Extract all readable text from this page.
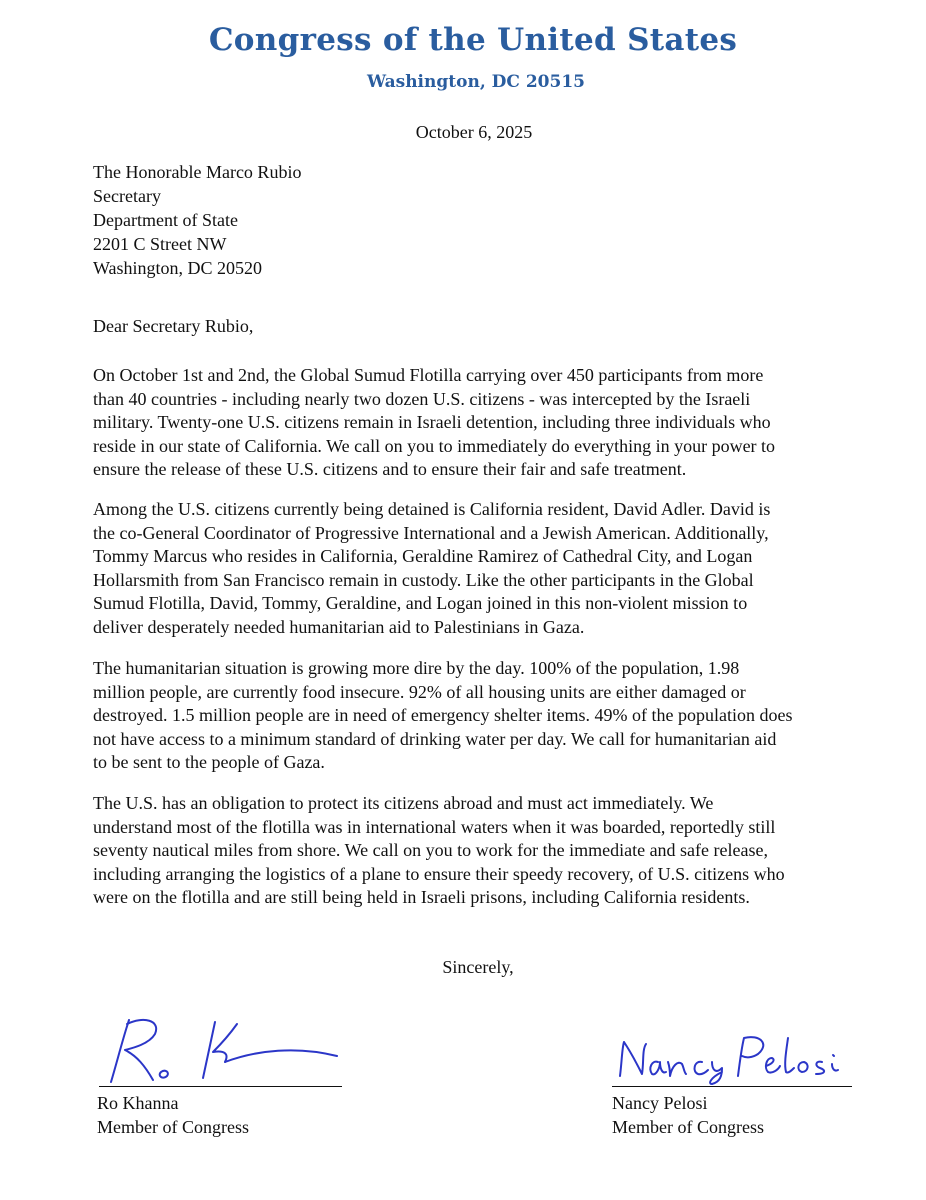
Congress of the United States
Washington, DC 20515
October 6, 2025
The Honorable Marco Rubio
Secretary
Department of State
2201 C Street NW
Washington, DC 20520
Dear Secretary Rubio,
On October 1st and 2nd, the Global Sumud Flotilla carrying over 450 participants from more
than 40 countries - including nearly two dozen U.S. citizens - was intercepted by the Israeli
military. Twenty-one U.S. citizens remain in Israeli detention, including three individuals who
reside in our state of California. We call on you to immediately do everything in your power to
ensure the release of these U.S. citizens and to ensure their fair and safe treatment.
Among the U.S. citizens currently being detained is California resident, David Adler. David is
the co-General Coordinator of Progressive International and a Jewish American. Additionally,
Tommy Marcus who resides in California, Geraldine Ramirez of Cathedral City, and Logan
Hollarsmith from San Francisco remain in custody. Like the other participants in the Global
Sumud Flotilla, David, Tommy, Geraldine, and Logan joined in this non-violent mission to
deliver desperately needed humanitarian aid to Palestinians in Gaza.
The humanitarian situation is growing more dire by the day. 100% of the population, 1.98
million people, are currently food insecure. 92% of all housing units are either damaged or
destroyed. 1.5 million people are in need of emergency shelter items. 49% of the population does
not have access to a minimum standard of drinking water per day. We call for humanitarian aid
to be sent to the people of Gaza.
The U.S. has an obligation to protect its citizens abroad and must act immediately. We
understand most of the flotilla was in international waters when it was boarded, reportedly still
seventy nautical miles from shore. We call on you to work for the immediate and safe release,
including arranging the logistics of a plane to ensure their speedy recovery, of U.S. citizens who
were on the flotilla and are still being held in Israeli prisons, including California residents.
Sincerely,
Ro Khanna
Member of Congress
Nancy Pelosi
Member of Congress
